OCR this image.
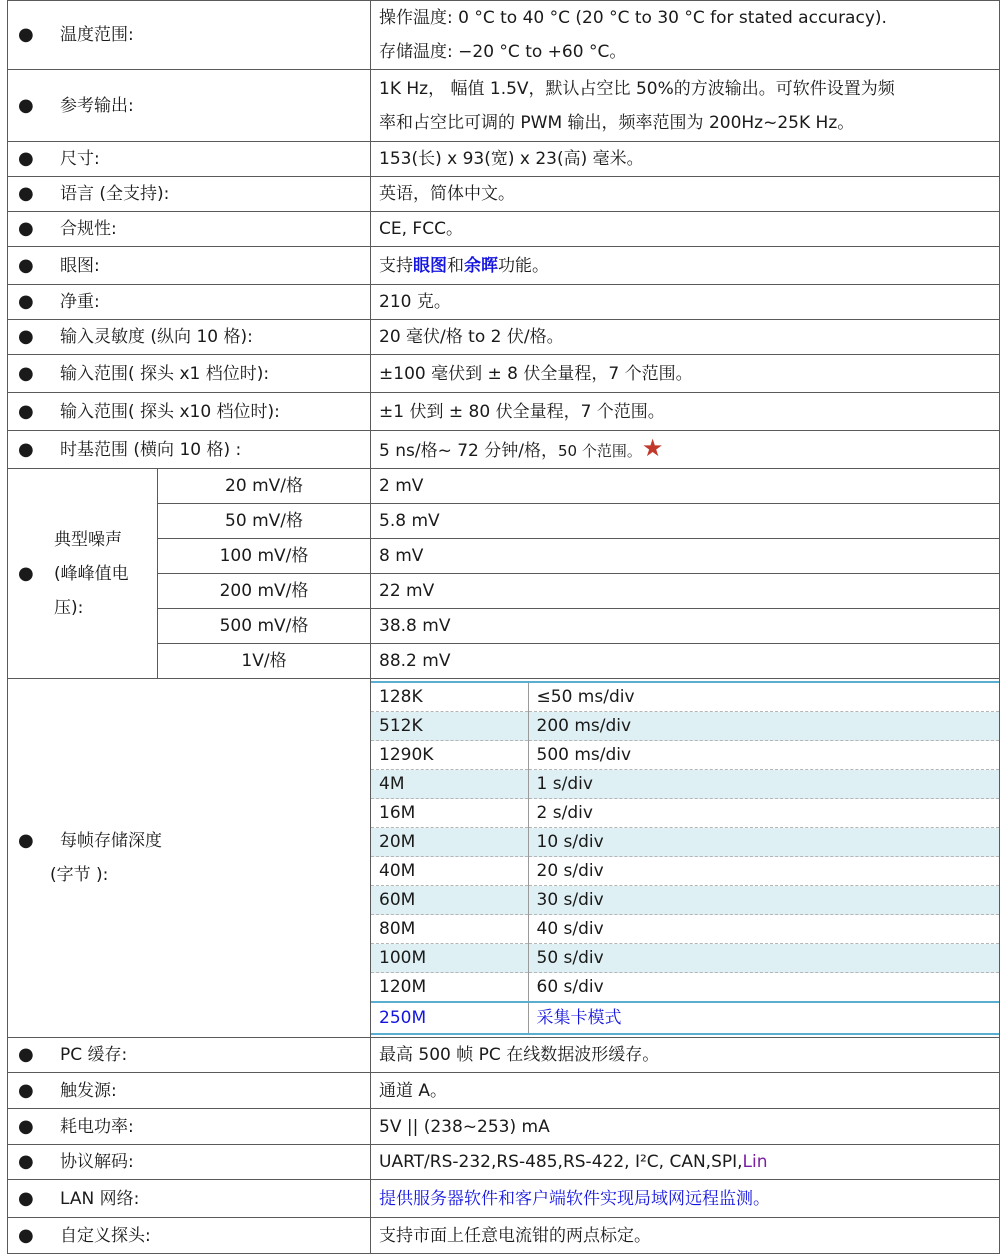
● 温度范围:	
操作温度: 0 °C to 40 °C (20 °C to 30 °C for stated accuracy).
存储温度: −20 °C to +60 °C。

● 参考输出:	
1K Hz， 幅值 1.5V，默认占空比 50%的方波输出。可软件设置为频
率和占空比可调的 PWM 输出，频率范围为 200Hz~25K Hz。

● 尺寸:	153(长) x 93(宽) x 23(高) 毫米。
● 语言 (全支持):	英语，简体中文。
● 合规性:	CE, FCC。
● 眼图:	支持眼图和余晖功能。
● 净重:	210 克。
● 输入灵敏度 (纵向 10 格):	20 毫伏/格 to 2 伏/格。
● 输入范围( 探头 x1 档位时):	±100 毫伏到 ± 8 伏全量程，7 个范围。
● 输入范围( 探头 x10 档位时):	±1 伏到 ± 80 伏全量程，7 个范围。
● 时基范围 (横向 10 格) :	5 ns/格~ 72 分钟/格，50 个范围。★
●
典型噪声
(峰峰值电
压):
	20 mV/格	2 mV
50 mV/格	5.8 mV
100 mV/格	8 mV
200 mV/格	22 mV
500 mV/格	38.8 mV
1V/格	88.2 mV

● 每帧存储深度
(字节 ):

128K	≤50 ms/div
512K	200 ms/div
1290K	500 ms/div
4M	1 s/div
16M	2 s/div
20M	10 s/div
40M	20 s/div
60M	30 s/div
80M	40 s/div
100M	50 s/div
120M	60 s/div
250M	采集卡模式

● PC 缓存:	最高 500 帧 PC 在线数据波形缓存。
● 触发源:	通道 A。
● 耗电功率:	5V || (238~253) mA
● 协议解码:	UART/RS-232,RS-485,RS-422, I²C, CAN,SPI,Lin
● LAN 网络:	提供服务器软件和客户端软件实现局域网远程监测。
● 自定义探头:	支持市面上任意电流钳的两点标定。
